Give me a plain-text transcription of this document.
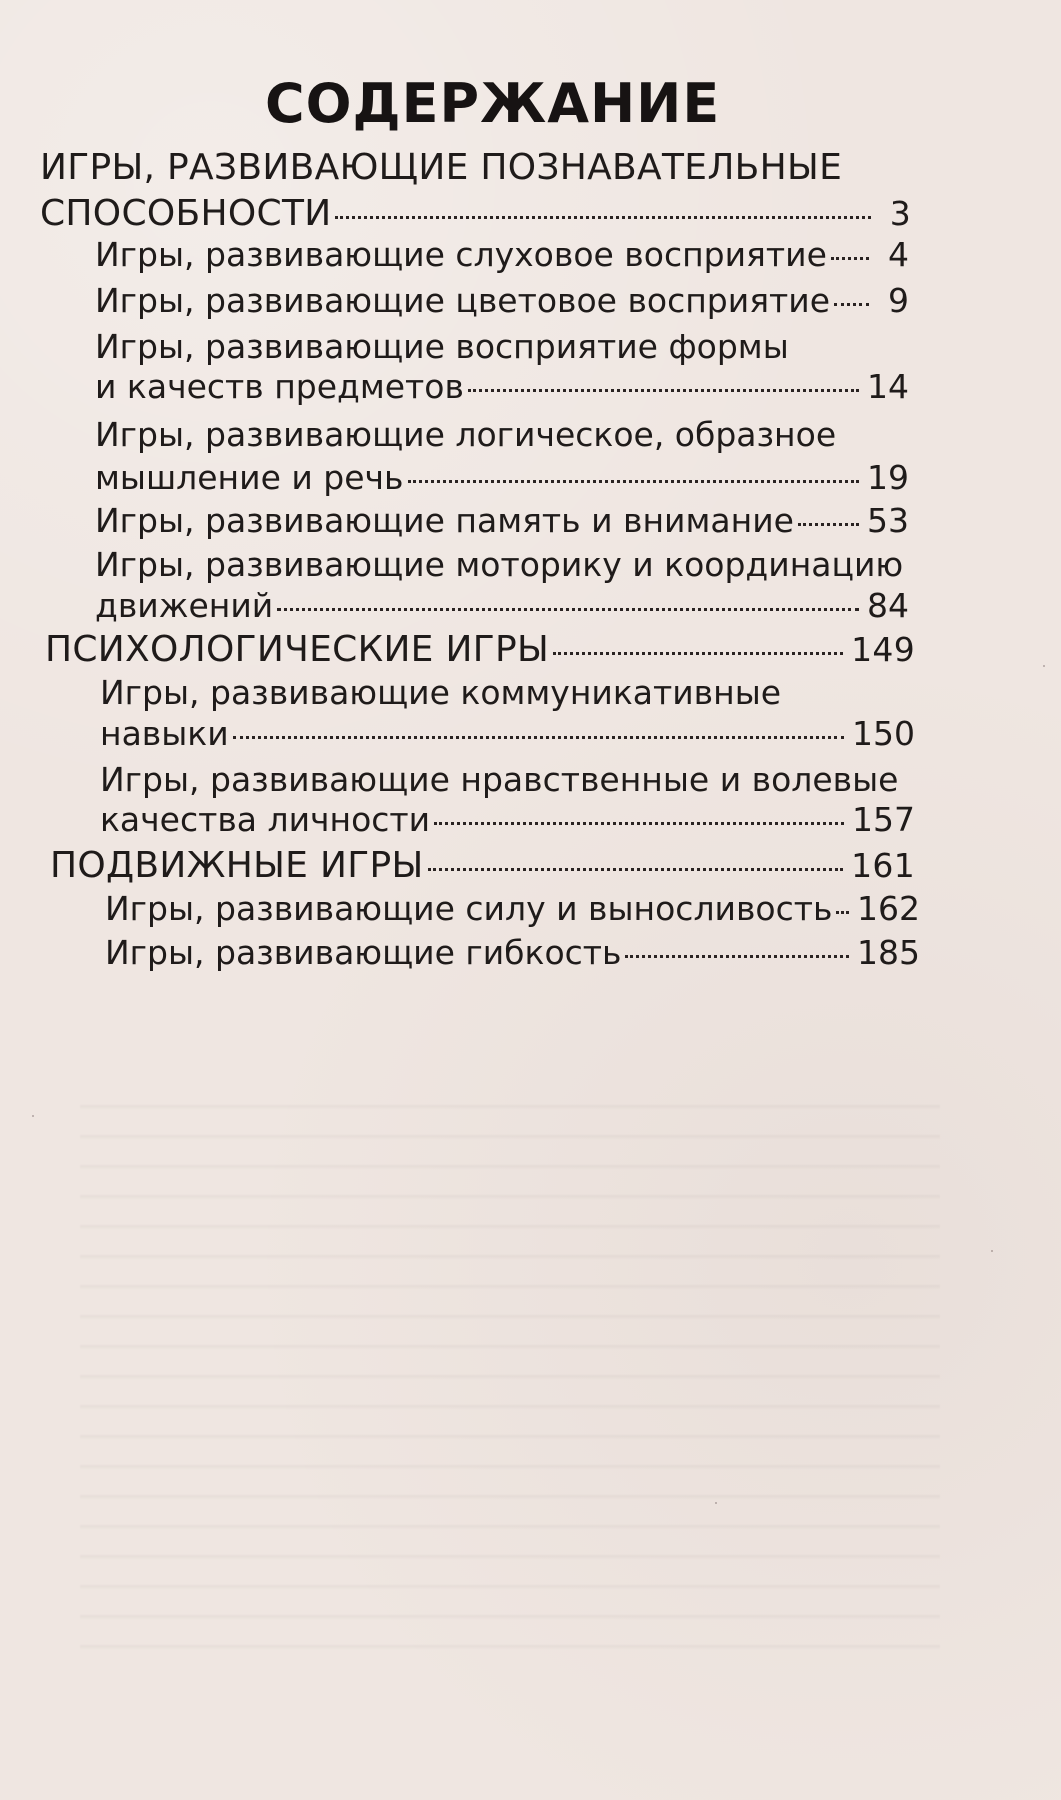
СОДЕРЖАНИЕ
ИГРЫ, РАЗВИВАЮЩИЕ ПОЗНАВАТЕЛЬНЫЕ
СПОСОБНОСТИ	3
Игры, развивающие слуховое восприятие	4
Игры, развивающие цветовое восприятие	9
Игры, развивающие восприятие формы
и качеств предметов	14
Игры, развивающие логическое, образное
мышление и речь	19
Игры, развивающие память и внимание 53
Игры, развивающие моторику и координацию
движений	84
ПСИХОЛОГИЧЕСКИЕ ИГРЫ	149
Игры, развивающие коммуникативные
навыки	150
Игры, развивающие нравственные и волевые
качества личности	157
ПОДВИЖНЫЕ ИГРЫ	161
Игры, развивающие силу и выносливость 162
Игры, развивающие гибкость	185
